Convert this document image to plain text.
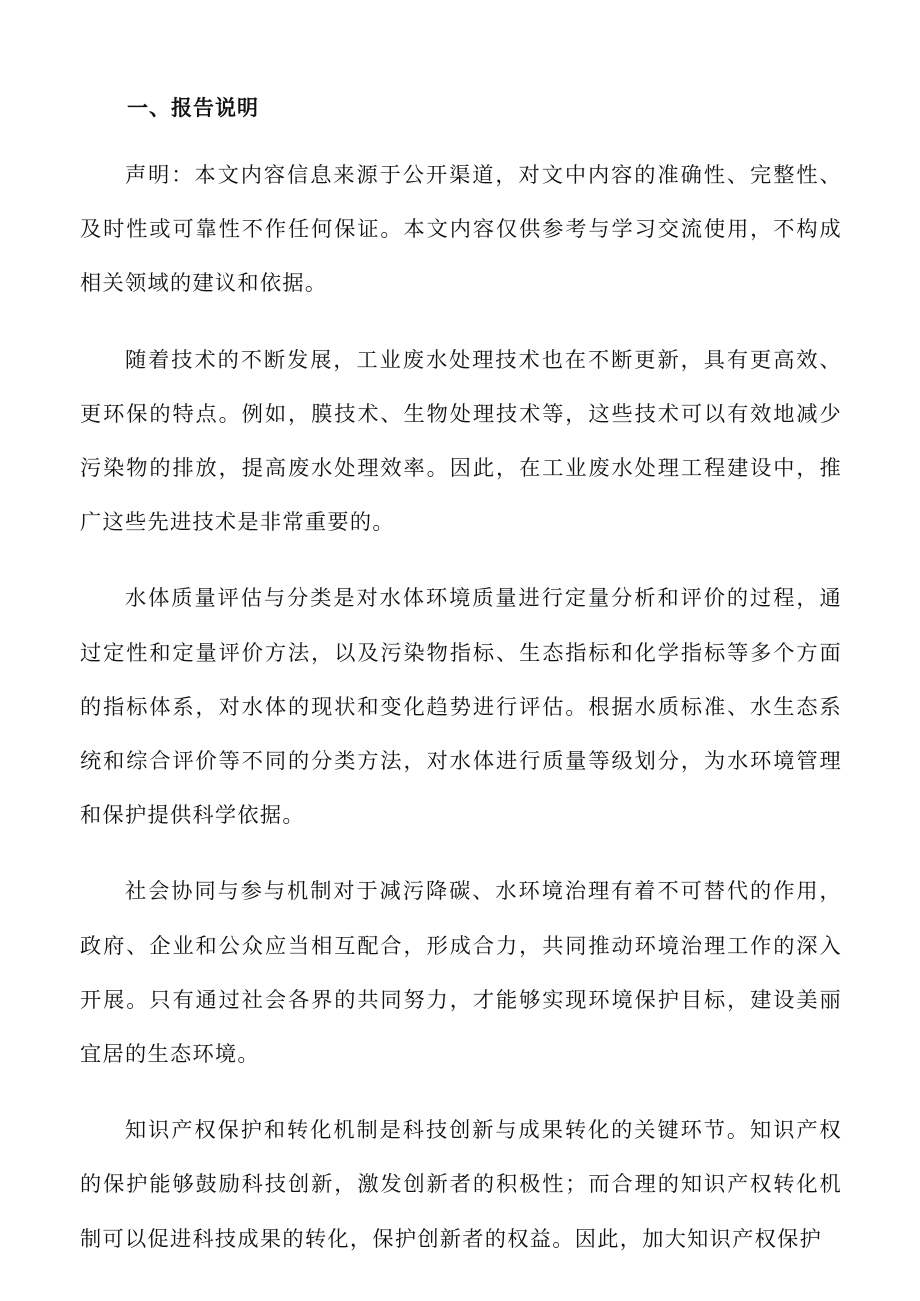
一、报告说明

声明：本文内容信息来源于公开渠道，对文中内容的准确性、完整性、及时性或可靠性不作任何保证。本文内容仅供参考与学习交流使用，不构成相关领域的建议和依据。

随着技术的不断发展，工业废水处理技术也在不断更新，具有更高效、更环保的特点。例如，膜技术、生物处理技术等，这些技术可以有效地减少污染物的排放，提高废水处理效率。因此，在工业废水处理工程建设中，推广这些先进技术是非常重要的。

水体质量评估与分类是对水体环境质量进行定量分析和评价的过程，通过定性和定量评价方法，以及污染物指标、生态指标和化学指标等多个方面的指标体系，对水体的现状和变化趋势进行评估。根据水质标准、水生态系统和综合评价等不同的分类方法，对水体进行质量等级划分，为水环境管理和保护提供科学依据。

社会协同与参与机制对于减污降碳、水环境治理有着不可替代的作用，政府、企业和公众应当相互配合，形成合力，共同推动环境治理工作的深入开展。只有通过社会各界的共同努力，才能够实现环境保护目标，建设美丽宜居的生态环境。

知识产权保护和转化机制是科技创新与成果转化的关键环节。知识产权的保护能够鼓励科技创新，激发创新者的积极性；而合理的知识产权转化机制可以促进科技成果的转化，保护创新者的权益。因此，加大知识产权保护
